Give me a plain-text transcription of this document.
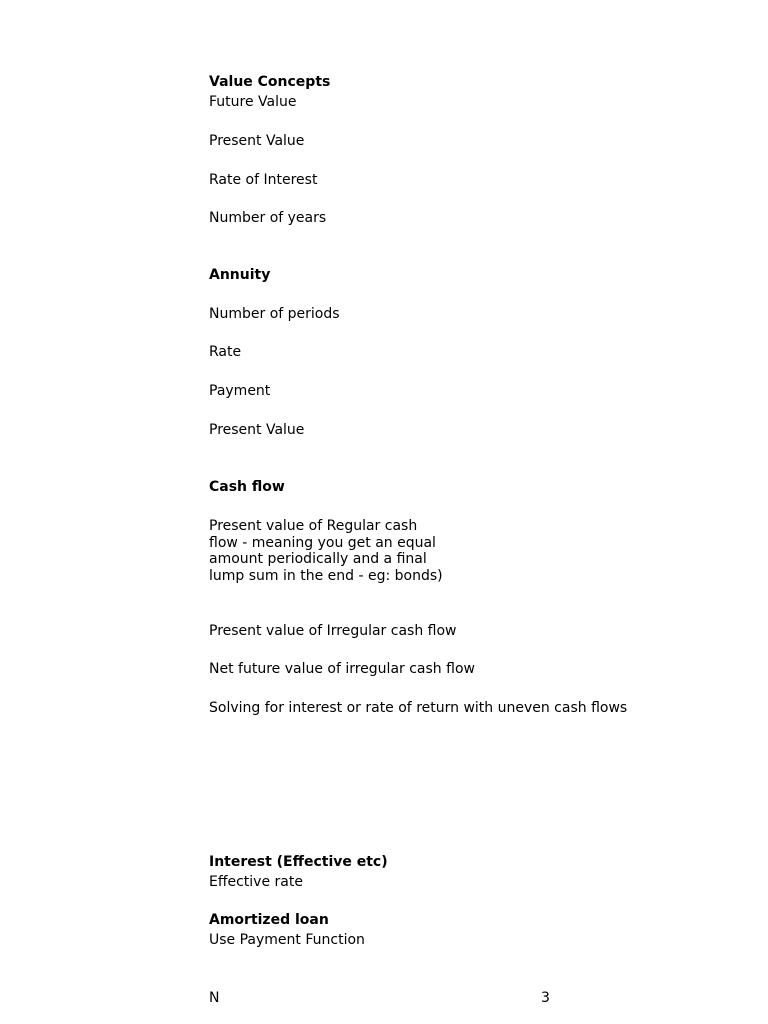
Value Concepts
Future Value
Present Value
Rate of Interest
Number of years
Annuity
Number of periods
Rate
Payment
Present Value
Cash flow
Present value of Regular cash flow - meaning you get an equal amount periodically and a final lump sum in the end - eg: bonds)
Present value of Irregular cash flow
Net future value of irregular cash flow
Solving for interest or rate of return with uneven cash flows
Interest (Effective etc)
Effective rate
Amortized loan
Use Payment Function
N	3
